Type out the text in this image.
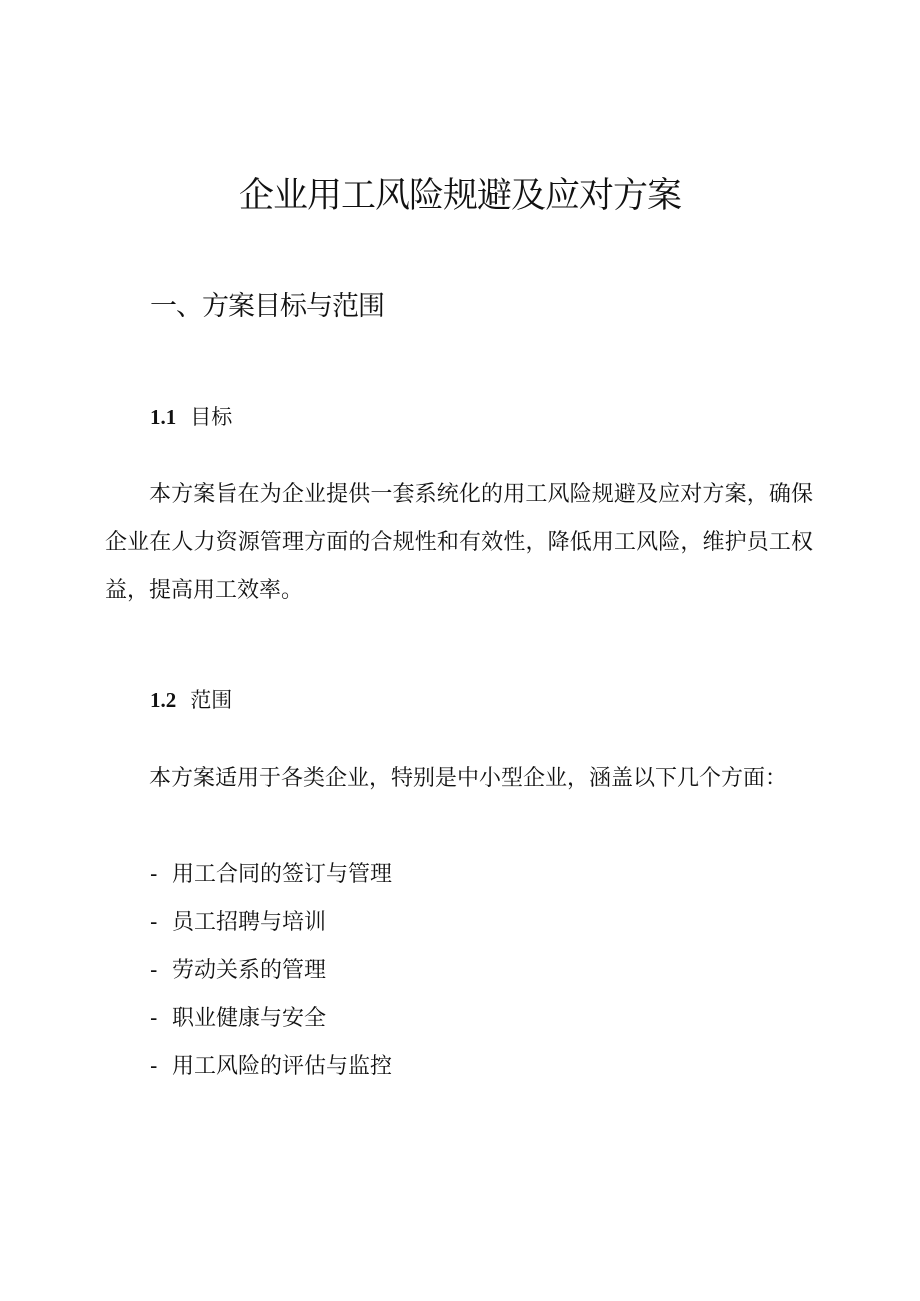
企业用工风险规避及应对方案
一、方案目标与范围
1.1 目标

本方案旨在为企业提供一套系统化的用工风险规避及应对方案，确保企业在人力资源管理方面的合规性和有效性，降低用工风险，维护员工权益，提高用工效率。

1.2 范围

本方案适用于各类企业，特别是中小型企业，涵盖以下几个方面：

- 用工合同的签订与管理
- 员工招聘与培训
- 劳动关系的管理
- 职业健康与安全
- 用工风险的评估与监控
